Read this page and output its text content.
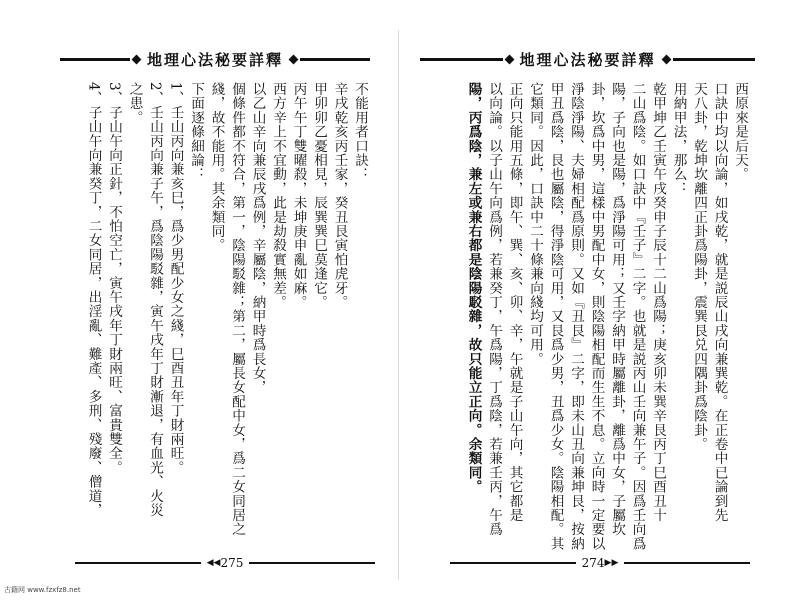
地理心法秘要詳釋
不能用者口訣：
辛戌乾亥丙壬家，癸丑艮寅怕虎牙。
甲卯卯乙憂相見，辰巽巽巳莫逢它。
丙午午丁雙曜殺，未坤庚申亂如麻。
西方辛上不宜動，此是劫殺實無差。
以乙山辛向兼辰戌爲例，辛屬陰，納甲時爲長女，
個條件都不符合，第一，陰陽駁雜；第二，屬長女配中女，爲二女同居之
綫，故不能用。其余類同。
下面逐條細論：
1、壬山丙向兼亥巳，爲少男配少女之綫，巳酉丑年丁財兩旺。
2、壬山丙向兼子午，爲陰陽駁雜，寅午戌年丁財漸退，有血光、火災
之患。
3、子山午向正針，不怕空亡，寅午戌年丁財兩旺、富貴雙全。
4、子山午向兼癸丁，二女同居，出淫亂、難產、多刑、殘廢、僧道，
◀◀ 275
地理心法秘要詳釋
西原來是后天。
口訣中均以向論，如戌乾，就是説辰山戌向兼巽乾。在正卷中已論到先
天八卦，乾坤坎離四正卦爲陽卦，震巽艮兑四隅卦爲陰卦。
用納甲法，那么：
乾甲坤乙壬寅午戌癸申子辰十二山爲陽；庚亥卯未巽辛艮丙丁巳酉丑十
二山爲陰。如口訣中『壬子』二字。也就是説丙山壬向兼午子。因爲壬向爲
陽，子向也是陽，爲淨陽可用；又壬字納甲時屬離卦，離爲中女，子屬坎
卦，坎爲中男，這樣中男配中女，則陰陽相配而生生不息。立向時一定要以
淨陰淨陽、夫婦相配爲原則。又如『丑艮』二字，即未山丑向兼坤艮，按納
甲丑爲陰，艮也屬陰，得淨陰可用，又艮爲少男，丑爲少女。陰陽相配。其
它類同。因此，口訣中二十條兼向綫均可用。
正向只能用五條，即午、巽、亥、卯、辛，午就是子山午向，其它都是
以向論。以子山午向爲例，若兼癸丁，午爲陽，丁爲陰，若兼壬丙，午爲
陽，丙爲陰，兼左或兼右都是陰陽駁雜，故只能立正向。余類同。
274 ▶▶
古籍网 www.fzxfz8.net
